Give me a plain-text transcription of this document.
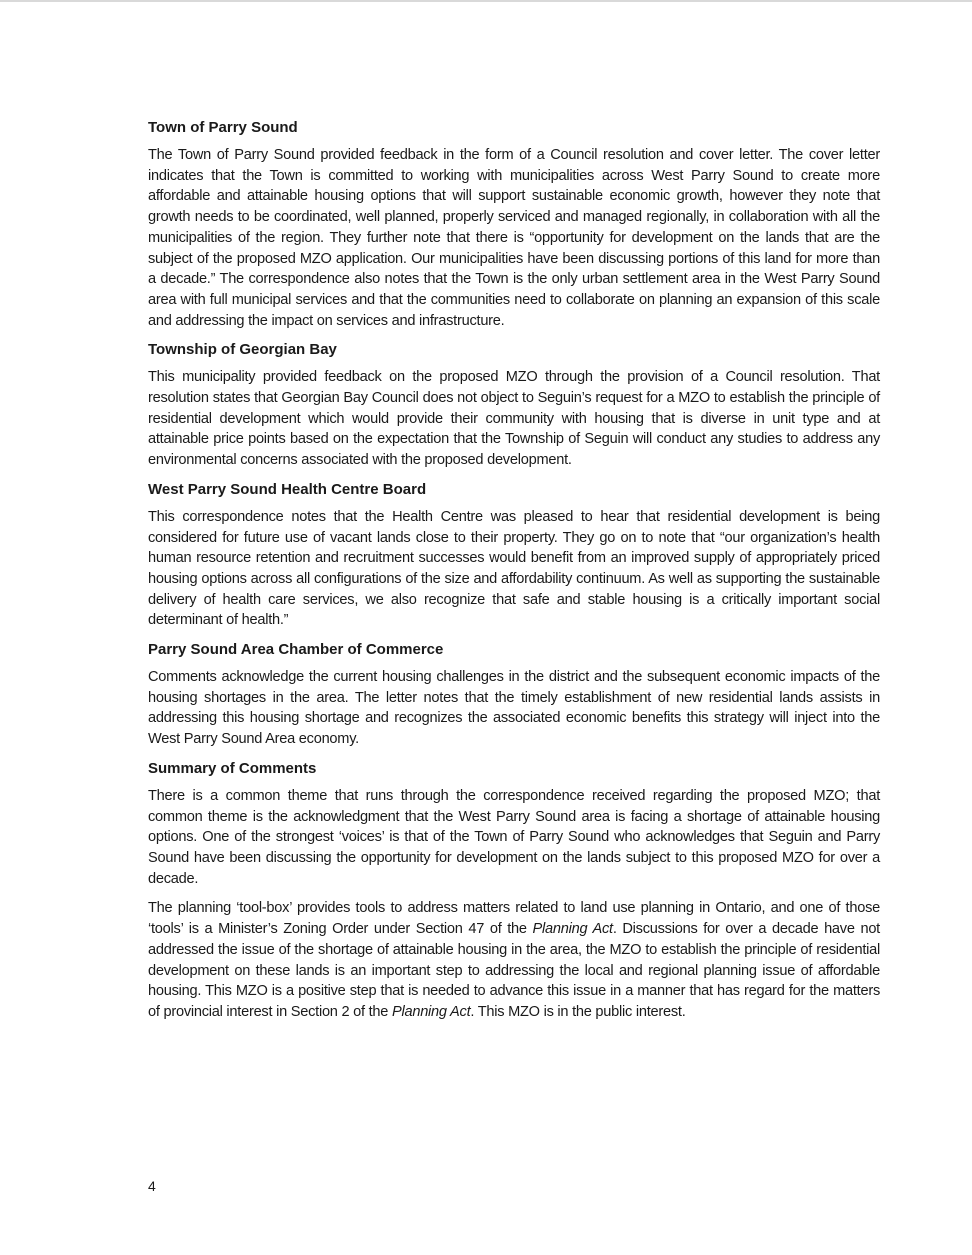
Town of Parry Sound

The Town of Parry Sound provided feedback in the form of a Council resolution and cover letter. The cover letter indicates that the Town is committed to working with municipalities across West Parry Sound to create more affordable and attainable housing options that will support sustainable economic growth, however they note that growth needs to be coordinated, well planned, properly serviced and managed regionally, in collaboration with all the municipalities of the region. They further note that there is “opportunity for development on the lands that are the subject of the proposed MZO application. Our municipalities have been discussing portions of this land for more than a decade.” The correspondence also notes that the Town is the only urban settlement area in the West Parry Sound area with full municipal services and that the communities need to collaborate on planning an expansion of this scale and addressing the impact on services and infrastructure.

Township of Georgian Bay

This municipality provided feedback on the proposed MZO through the provision of a Council resolution. That resolution states that Georgian Bay Council does not object to Seguin’s request for a MZO to establish the principle of residential development which would provide their community with housing that is diverse in unit type and at attainable price points based on the expectation that the Township of Seguin will conduct any studies to address any environmental concerns associated with the proposed development.

West Parry Sound Health Centre Board

This correspondence notes that the Health Centre was pleased to hear that residential development is being considered for future use of vacant lands close to their property. They go on to note that “our organization’s health human resource retention and recruitment successes would benefit from an improved supply of appropriately priced housing options across all configurations of the size and affordability continuum. As well as supporting the sustainable delivery of health care services, we also recognize that safe and stable housing is a critically important social determinant of health.”

Parry Sound Area Chamber of Commerce

Comments acknowledge the current housing challenges in the district and the subsequent economic impacts of the housing shortages in the area. The letter notes that the timely establishment of new residential lands assists in addressing this housing shortage and recognizes the associated economic benefits this strategy will inject into the West Parry Sound Area economy.

Summary of Comments

There is a common theme that runs through the correspondence received regarding the proposed MZO; that common theme is the acknowledgment that the West Parry Sound area is facing a shortage of attainable housing options. One of the strongest ‘voices’ is that of the Town of Parry Sound who acknowledges that Seguin and Parry Sound have been discussing the opportunity for development on the lands subject to this proposed MZO for over a decade.

The planning ‘tool-box’ provides tools to address matters related to land use planning in Ontario, and one of those ‘tools’ is a Minister’s Zoning Order under Section 47 of the Planning Act. Discussions for over a decade have not addressed the issue of the shortage of attainable housing in the area, the MZO to establish the principle of residential development on these lands is an important step to addressing the local and regional planning issue of affordable housing. This MZO is a positive step that is needed to advance this issue in a manner that has regard for the matters of provincial interest in Section 2 of the Planning Act. This MZO is in the public interest.

4
